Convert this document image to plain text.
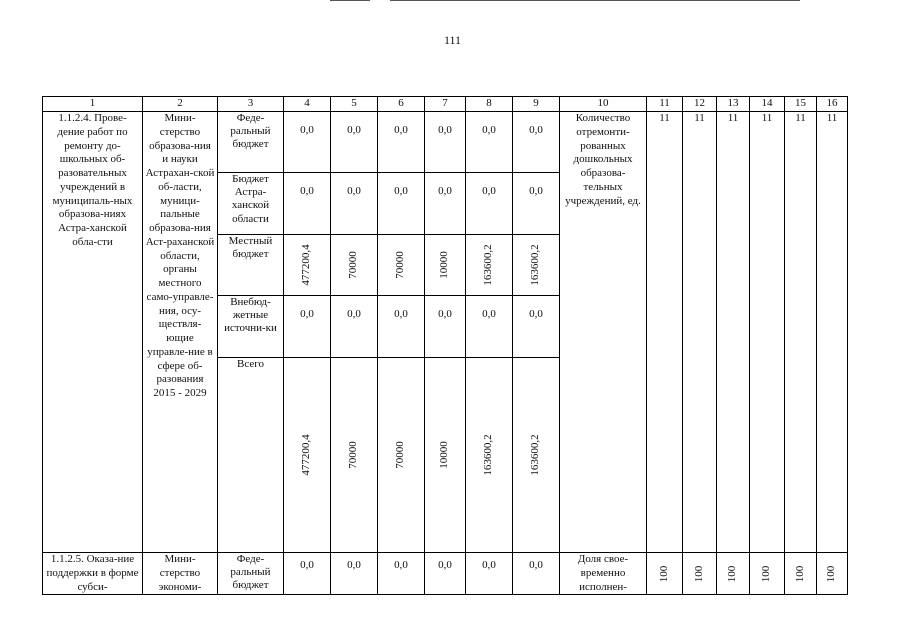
111
1	2	3	4	5	6	7	8	9	10	11	12	13	14	15	16
1.1.2.4. Прове-дение работ по ремонту до-школьных об-разовательных учреждений в муниципаль-ных образова-ниях Астра-ханской обла-сти	Мини-стерство образова-ния и науки Астрахан-ской об-ласти, муници-пальные образова-ния Аст-раханской области, органы местного само-управле-ния, осу-ществля-ющие управле-ние в сфере об-разования 2015 - 2029	Феде-ральный бюджет	0,0	0,0	0,0	0,0	0,0	0,0	Количество отремонти-рованных дошкольных образова-тельных учреждений, ед.	11	11	11	11	11	11
		Бюджет Астра-ханской области	0,0	0,0	0,0	0,0	0,0	0,0							
		Местный бюджет	477200,4	70000	70000	10000	163600,2	163600,2							

		Внебюд-жетные источни-ки	0,0	0,0	0,0	0,0	0,0	0,0							
		Всего	477200,4	70000	70000	10000	163600,2	163600,2							

1.1.2.5. Оказа-ние поддержки в форме субси-	Мини-стерство экономи-	Феде-ральный бюджет	0,0	0,0	0,0	0,0	0,0	0,0	Доля свое-временно исполнен-	100	100	100	100	100	100
